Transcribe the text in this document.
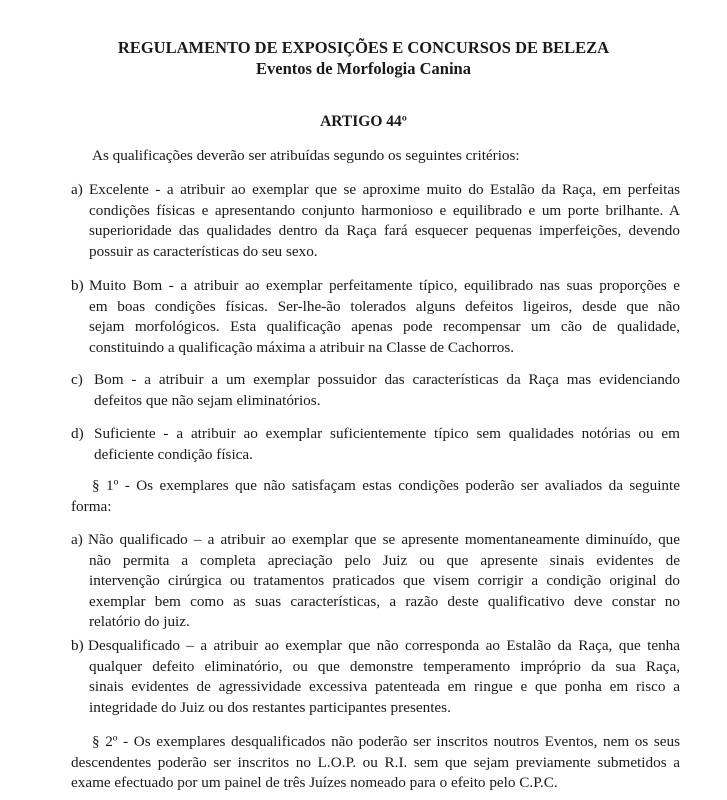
REGULAMENTO DE EXPOSIÇÕES E CONCURSOS DE BELEZA
Eventos de Morfologia Canina
ARTIGO 44º
As qualificações deverão ser atribuídas segundo os seguintes critérios:
a) Excelente - a atribuir ao exemplar que se aproxime muito do Estalão da Raça, em perfeitas
condições físicas e apresentando conjunto harmonioso e equilibrado e um porte brilhante. A
superioridade das qualidades dentro da Raça fará esquecer pequenas imperfeições, devendo
possuir as características do seu sexo.
b) Muito Bom - a atribuir ao exemplar perfeitamente típico, equilibrado nas suas proporções e
em boas condições físicas. Ser-lhe-ão tolerados alguns defeitos ligeiros, desde que não
sejam morfológicos. Esta qualificação apenas pode recompensar um cão de qualidade,
constituindo a qualificação máxima a atribuir na Classe de Cachorros.
c) Bom - a atribuir a um exemplar possuidor das características da Raça mas evidenciando
defeitos que não sejam eliminatórios.
d) Suficiente - a atribuir ao exemplar suficientemente típico sem qualidades notórias ou em
deficiente condição física.
§ 1º - Os exemplares que não satisfaçam estas condições poderão ser avaliados da seguinte
forma:
a) Não qualificado – a atribuir ao exemplar que se apresente momentaneamente diminuído, que
não permita a completa apreciação pelo Juiz ou que apresente sinais evidentes de
intervenção cirúrgica ou tratamentos praticados que visem corrigir a condição original do
exemplar bem como as suas características, a razão deste qualificativo deve constar no
relatório do juiz.
b) Desqualificado – a atribuir ao exemplar que não corresponda ao Estalão da Raça, que tenha
qualquer defeito eliminatório, ou que demonstre temperamento impróprio da sua Raça,
sinais evidentes de agressividade excessiva patenteada em ringue e que ponha em risco a
integridade do Juiz ou dos restantes participantes presentes.
§ 2º - Os exemplares desqualificados não poderão ser inscritos noutros Eventos, nem os seus
descendentes poderão ser inscritos no L.O.P. ou R.I. sem que sejam previamente submetidos a
exame efectuado por um painel de três Juízes nomeado para o efeito pelo C.P.C.
